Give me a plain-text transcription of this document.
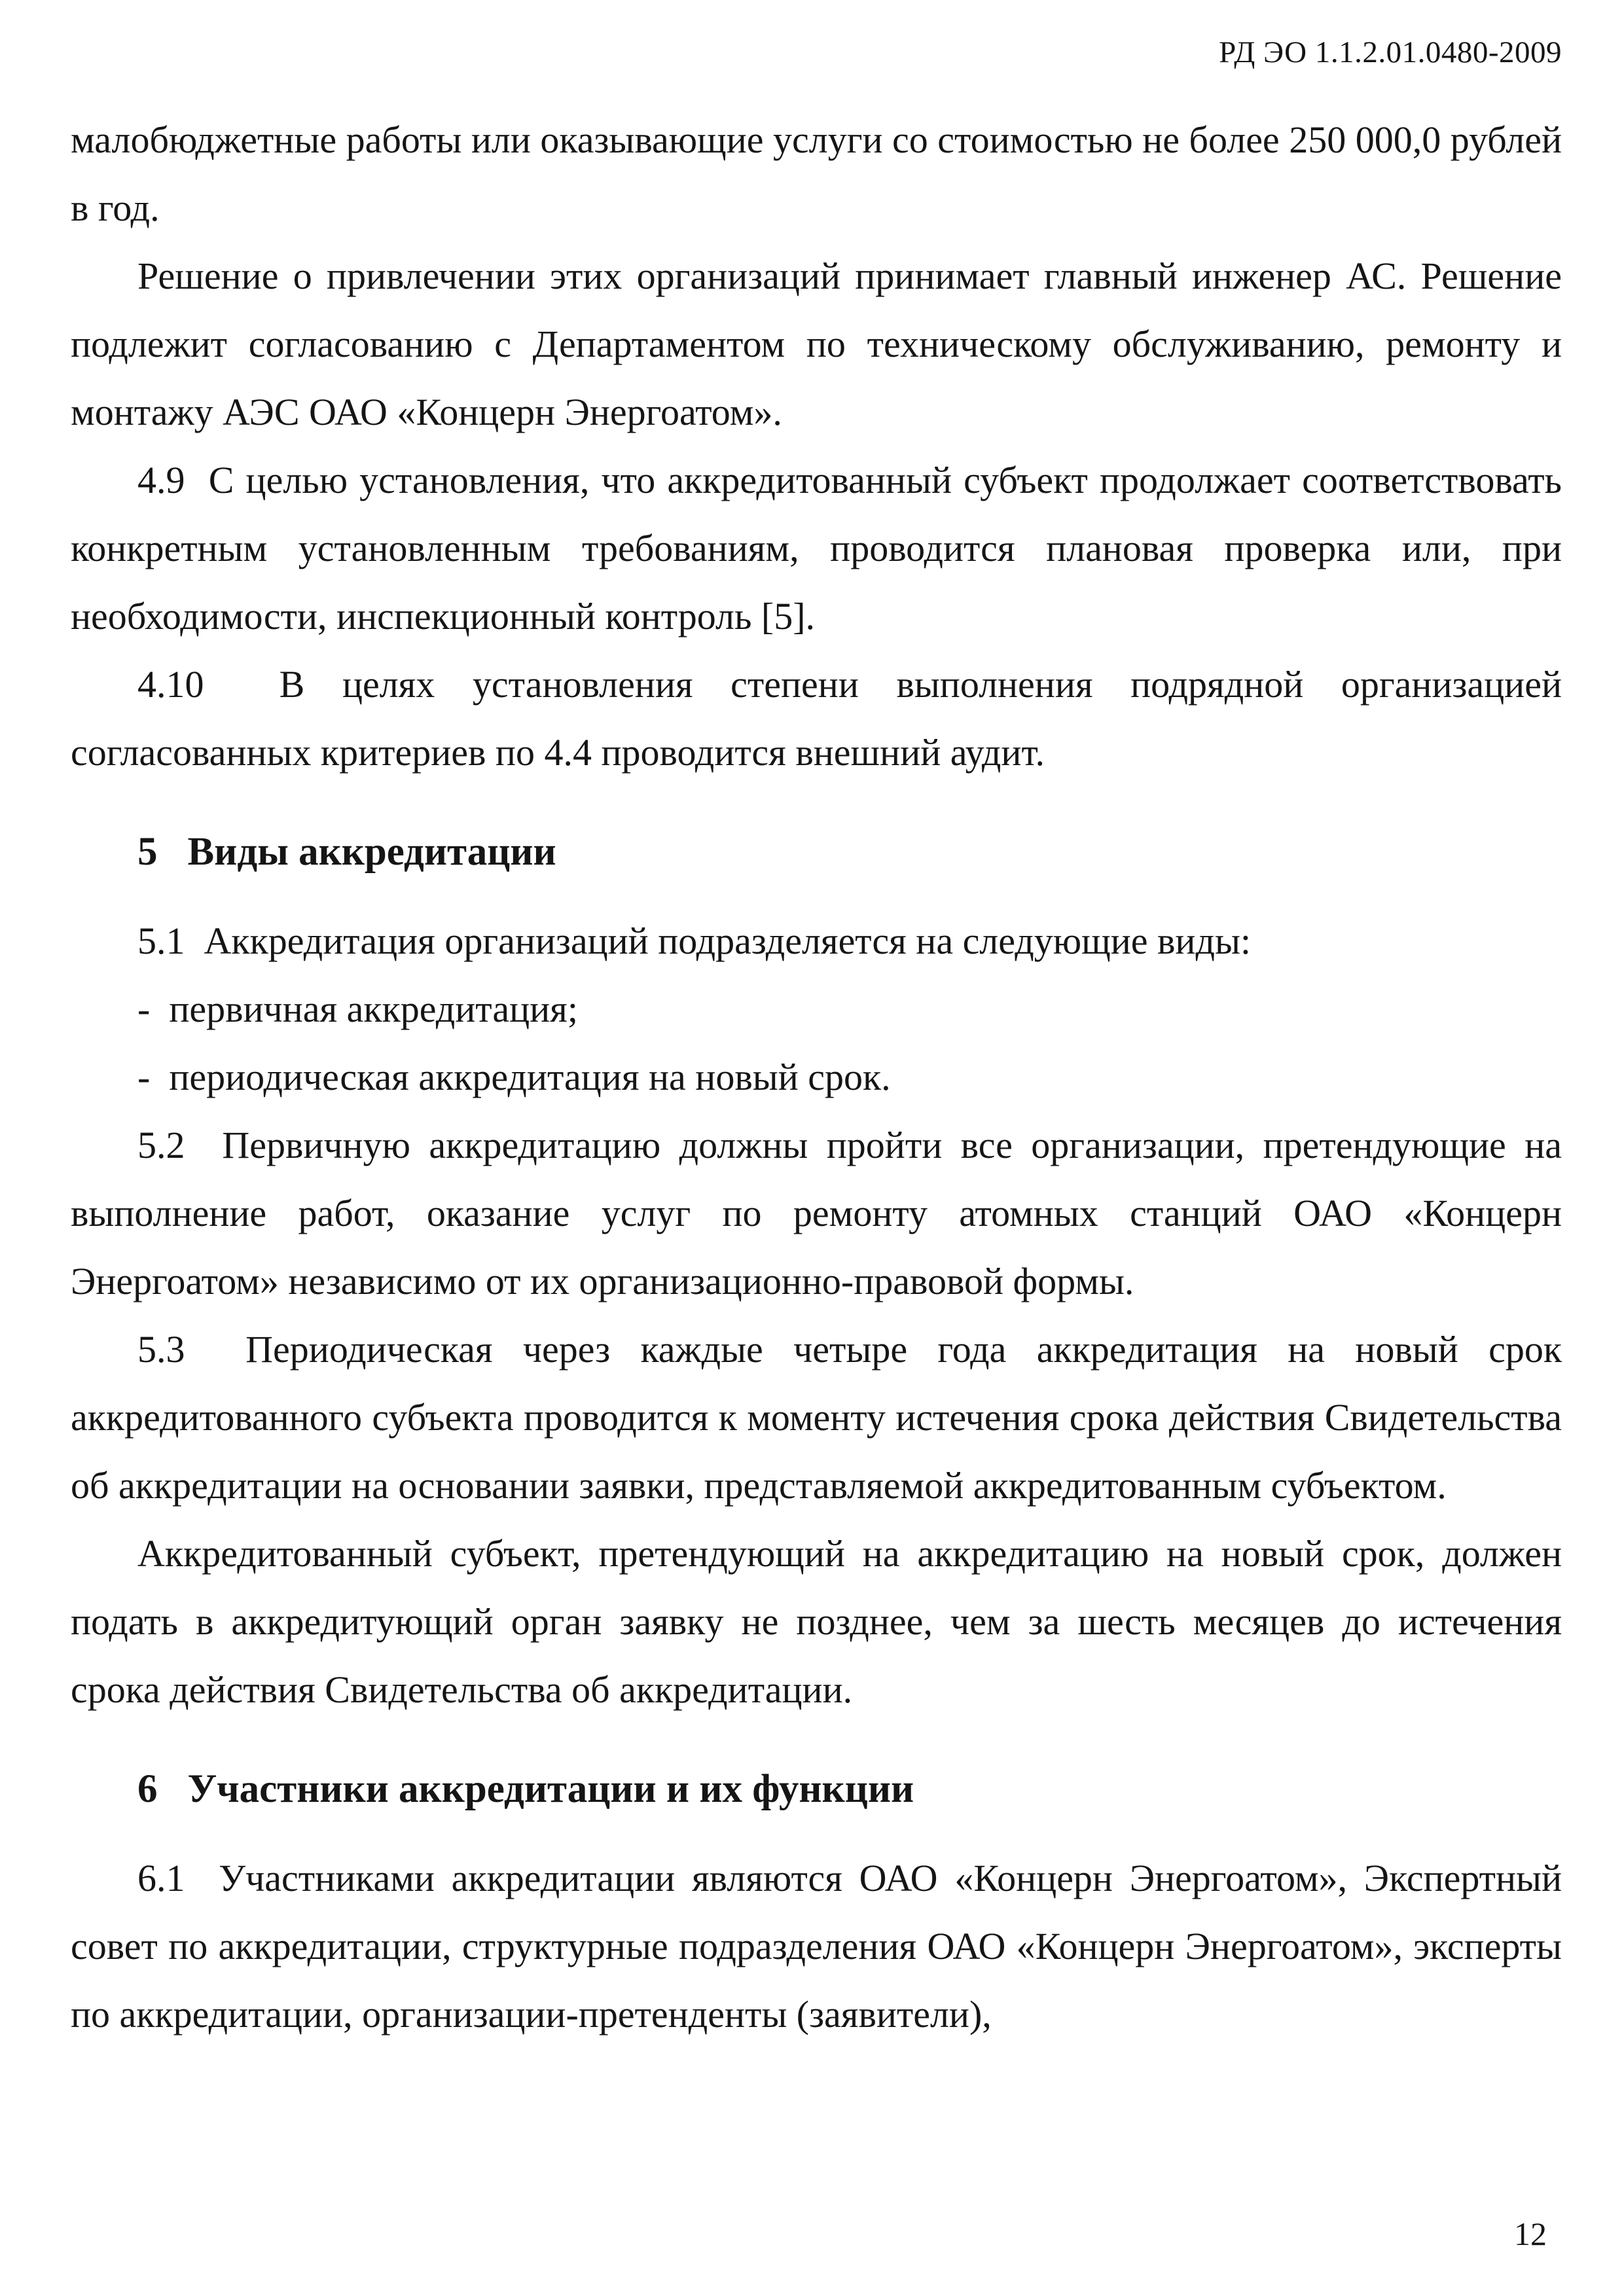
РД ЭО 1.1.2.01.0480-2009

малобюджетные работы или оказывающие услуги со стоимостью не более 250 000,0 рублей в год.

Решение о привлечении этих организаций принимает главный инженер АС. Решение подлежит согласованию с Департаментом по техническому обслуживанию, ремонту и монтажу АЭС ОАО «Концерн Энергоатом».

4.9  С целью установления, что аккредитованный субъект продолжает соответствовать конкретным установленным требованиям, проводится плановая проверка или, при необходимости, инспекционный контроль [5].

4.10  В целях установления степени выполнения подрядной организацией согласованных критериев по 4.4 проводится внешний аудит.

5 Виды аккредитации

5.1  Аккредитация организаций подразделяется на следующие виды:

-  первичная аккредитация;
-  периодическая аккредитация на новый срок.

5.2  Первичную аккредитацию должны пройти все организации, претендующие на выполнение работ, оказание услуг по ремонту атомных станций ОАО «Концерн Энергоатом» независимо от их организационно-правовой формы.

5.3  Периодическая через каждые четыре года аккредитация на новый срок аккредитованного субъекта проводится к моменту истечения срока действия Свидетельства об аккредитации на основании заявки, представляемой аккредитованным субъектом.

Аккредитованный субъект, претендующий на аккредитацию на новый срок, должен подать в аккредитующий орган заявку не позднее, чем за шесть месяцев до истечения срока действия Свидетельства об аккредитации.

6 Участники аккредитации и их функции

6.1  Участниками аккредитации являются ОАО «Концерн Энергоатом», Экспертный совет по аккредитации, структурные подразделения ОАО «Концерн Энергоатом», эксперты по аккредитации, организации-претенденты (заявители),

12
